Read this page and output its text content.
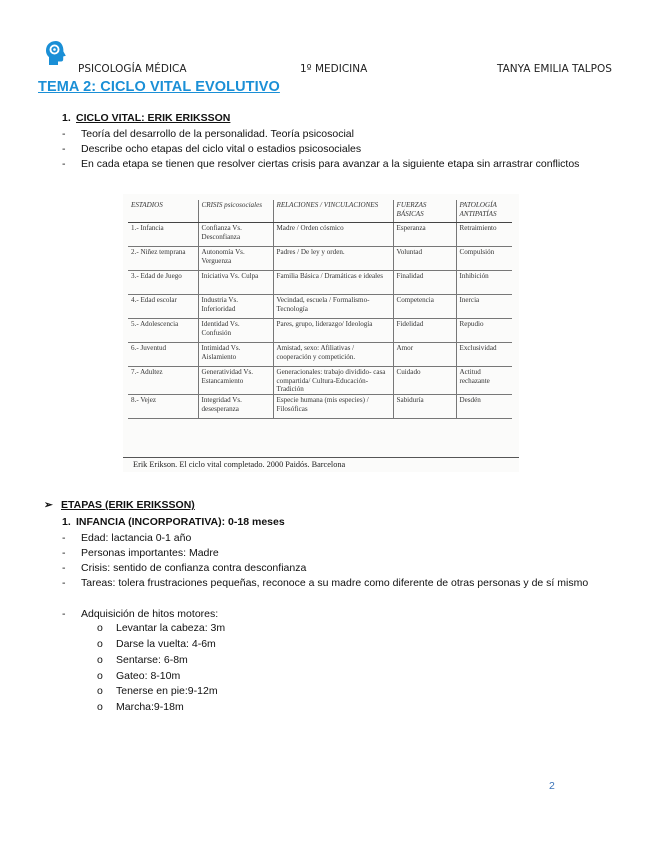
PSICOLOGÍA MÉDICA	1º MEDICINA	TANYA EMILIA TALPOS
TEMA 2: CICLO VITAL EVOLUTIVO
1. CICLO VITAL: ERIK ERIKSSON
- Teoría del desarrollo de la personalidad. Teoría psicosocial
- Describe ocho etapas del ciclo vital o estadios psicosociales
- En cada etapa se tienen que resolver ciertas crisis para avanzar a la siguiente etapa sin arrastrar conflictos
ESTADIOS	CRISIS psicosociales	RELACIONES / VINCULACIONES	FUERZAS BÁSICAS	PATOLOGÍA ANTIPATÍAS
1.- Infancia	Confianza Vs. Desconfianza	Madre / Orden cósmico	Esperanza	Retraimiento
2.- Niñez temprana	Autonomía Vs. Verguenza	Padres / De ley y orden.	Voluntad	Compulsión
3.- Edad de Juego	Iniciativa Vs. Culpa	Familia Básica / Dramáticas e ideales	Finalidad	Inhibición
4.- Edad escolar	Industria Vs. Inferioridad	Vecindad, escuela / Formalismo-Tecnología	Competencia	Inercia
5.- Adolescencia	Identidad Vs. Confusión	Pares, grupo, liderazgo/ Ideología	Fidelidad	Repudio
6.- Juventud	Intimidad Vs. Aislamiento	Amistad, sexo: Afiliativas / cooperación y competición.	Amor	Exclusividad
7.- Adultez	Generatividad Vs. Estancamiento	Generacionales: trabajo dividido- casa compartida/ Cultura-Educación-Tradición	Cuidado	Actitud rechazante
8.- Vejez	Integridad Vs. desesperanza	Especie humana (mis especies) / Filosóficas	Sabiduría	Desdén
Erik Erikson. El ciclo vital completado. 2000 Paidós. Barcelona
➢ ETAPAS (ERIK ERIKSSON)
1. INFANCIA (INCORPORATIVA): 0-18 meses
- Edad: lactancia 0-1 año
- Personas importantes: Madre
- Crisis: sentido de confianza contra desconfianza
- Tareas: tolera frustraciones pequeñas, reconoce a su madre como diferente de otras personas y de sí mismo
- Adquisición de hitos motores:
o Levantar la cabeza: 3m
o Darse la vuelta: 4-6m
o Sentarse: 6-8m
o Gateo: 8-10m
o Tenerse en pie:9-12m
o Marcha:9-18m
2
